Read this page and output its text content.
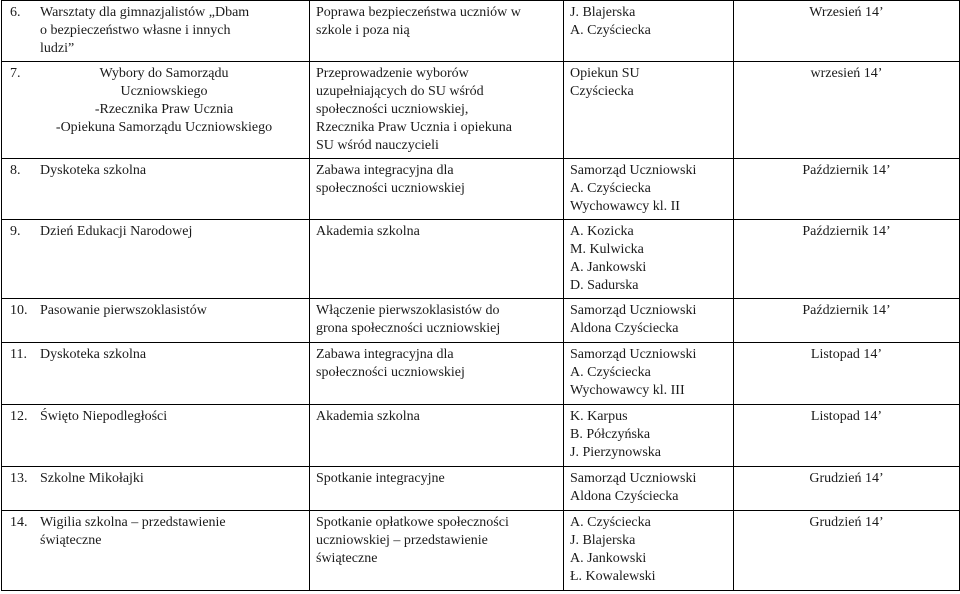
6. Warsztaty dla gimnazjalistów „Dbam
o bezpieczeństwo własne i innych
ludzi”	Poprawa bezpieczeństwa uczniów w
szkole i poza nią	J. Blajerska
A. Czyściecka	Wrzesień 14’
7. Wybory do Samorządu
Uczniowskiego
-Rzecznika Praw Ucznia
-Opiekuna Samorządu Uczniowskiego	Przeprowadzenie wyborów
uzupełniających do SU wśród
społeczności uczniowskiej,
Rzecznika Praw Ucznia i opiekuna
SU wśród nauczycieli	Opiekun SU
Czyściecka	wrzesień 14’
8. Dyskoteka szkolna	Zabawa integracyjna dla
społeczności uczniowskiej	Samorząd Uczniowski
A. Czyściecka
Wychowawcy kl. II	Październik 14’
9. Dzień Edukacji Narodowej	Akademia szkolna	A. Kozicka
M. Kulwicka
A. Jankowski
D. Sadurska	Październik 14’
10. Pasowanie pierwszoklasistów	Włączenie pierwszoklasistów do
grona społeczności uczniowskiej	Samorząd Uczniowski
Aldona Czyściecka	Październik 14’
11. Dyskoteka szkolna	Zabawa integracyjna dla
społeczności uczniowskiej	Samorząd Uczniowski
A. Czyściecka
Wychowawcy kl. III	Listopad 14’
12. Święto Niepodległości	Akademia szkolna	K. Karpus
B. Półczyńska
J. Pierzynowska	Listopad 14’
13. Szkolne Mikołajki	Spotkanie integracyjne	Samorząd Uczniowski
Aldona Czyściecka	Grudzień 14’
14. Wigilia szkolna – przedstawienie
świąteczne	Spotkanie opłatkowe społeczności
uczniowskiej – przedstawienie
świąteczne	A. Czyściecka
J. Blajerska
A. Jankowski
Ł. Kowalewski	Grudzień 14’
